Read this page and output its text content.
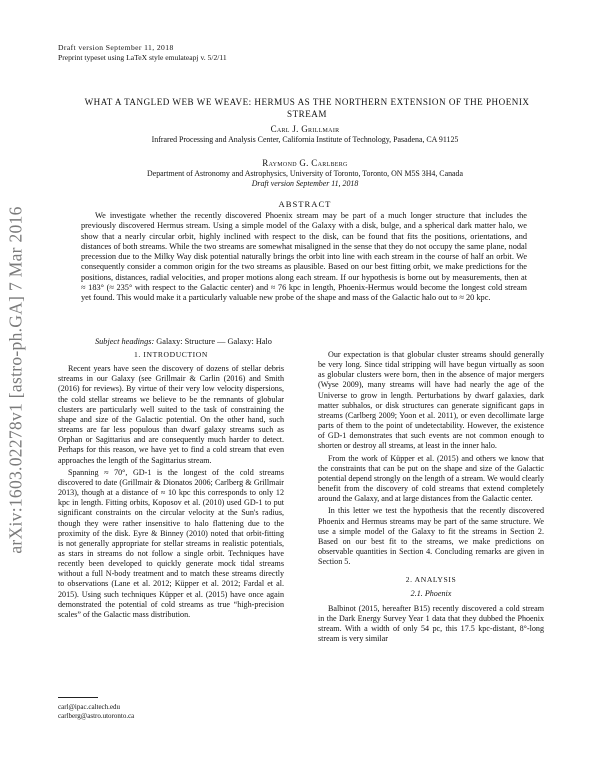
arXiv:1603.02278v1 [astro-ph.GA] 7 Mar 2016
Draft version September 11, 2018
Preprint typeset using LaTeX style emulateapj v. 5/2/11
WHAT A TANGLED WEB WE WEAVE: HERMUS AS THE NORTHERN EXTENSION OF THE PHOENIX STREAM
Carl J. Grillmair
Infrared Processing and Analysis Center, California Institute of Technology, Pasadena, CA 91125
Raymond G. Carlberg
Department of Astronomy and Astrophysics, University of Toronto, Toronto, ON M5S 3H4, Canada
Draft version September 11, 2018
ABSTRACT
We investigate whether the recently discovered Phoenix stream may be part of a much longer structure that includes the previously discovered Hermus stream. Using a simple model of the Galaxy with a disk, bulge, and a spherical dark matter halo, we show that a nearly circular orbit, highly inclined with respect to the disk, can be found that fits the positions, orientations, and distances of both streams. While the two streams are somewhat misaligned in the sense that they do not occupy the same plane, nodal precession due to the Milky Way disk potential naturally brings the orbit into line with each stream in the course of half an orbit. We consequently consider a common origin for the two streams as plausible. Based on our best fitting orbit, we make predictions for the positions, distances, radial velocities, and proper motions along each stream. If our hypothesis is borne out by measurements, then at ≈ 183° (≈ 235° with respect to the Galactic center) and ≈ 76 kpc in length, Phoenix-Hermus would become the longest cold stream yet found. This would make it a particularly valuable new probe of the shape and mass of the Galactic halo out to ≈ 20 kpc.
Subject headings: Galaxy: Structure — Galaxy: Halo
1. INTRODUCTION

Recent years have seen the discovery of dozens of stellar debris streams in our Galaxy (see Grillmair & Carlin (2016) and Smith (2016) for reviews). By virtue of their very low velocity dispersions, the cold stellar streams we believe to be the remnants of globular clusters are particularly well suited to the task of constraining the shape and size of the Galactic potential. On the other hand, such streams are far less populous than dwarf galaxy streams such as Orphan or Sagittarius and are consequently much harder to detect. Perhaps for this reason, we have yet to find a cold stream that even approaches the length of the Sagittarius stream.

Spanning ≈ 70°, GD-1 is the longest of the cold streams discovered to date (Grillmair & Dionatos 2006; Carlberg & Grillmair 2013), though at a distance of ≈ 10 kpc this corresponds to only 12 kpc in length. Fitting orbits, Koposov et al. (2010) used GD-1 to put significant constraints on the circular velocity at the Sun's radius, though they were rather insensitive to halo flattening due to the proximity of the disk. Eyre & Binney (2010) noted that orbit-fitting is not generally appropriate for stellar streams in realistic potentials, as stars in streams do not follow a single orbit. Techniques have recently been developed to quickly generate mock tidal streams without a full N-body treatment and to match these streams directly to observations (Lane et al. 2012; Küpper et al. 2012; Fardal et al. 2015). Using such techniques Küpper et al. (2015) have once again demonstrated the potential of cold streams as true “high-precision scales” of the Galactic mass distribution.

Our expectation is that globular cluster streams should generally be very long. Since tidal stripping will have begun virtually as soon as globular clusters were born, then in the absence of major mergers (Wyse 2009), many streams will have had nearly the age of the Universe to grow in length. Perturbations by dwarf galaxies, dark matter subhalos, or disk structures can generate significant gaps in streams (Carlberg 2009; Yoon et al. 2011), or even decollimate large parts of them to the point of undetectability. However, the existence of GD-1 demonstrates that such events are not common enough to shorten or destroy all streams, at least in the inner halo.

From the work of Küpper et al. (2015) and others we know that the constraints that can be put on the shape and size of the Galactic potential depend strongly on the length of a stream. We would clearly benefit from the discovery of cold streams that extend completely around the Galaxy, and at large distances from the Galactic center.

In this letter we test the hypothesis that the recently discovered Phoenix and Hermus streams may be part of the same structure. We use a simple model of the Galaxy to fit the streams in Section 2. Based on our best fit to the streams, we make predictions on observable quantities in Section 4. Concluding remarks are given in Section 5.

2. ANALYSIS
2.1. Phoenix

Balbinot (2015, hereafter B15) recently discovered a cold stream in the Dark Energy Survey Year 1 data that they dubbed the Phoenix stream. With a width of only 54 pc, this 17.5 kpc-distant, 8°-long stream is very similar

carl@ipac.caltech.edu
carlberg@astro.utoronto.ca
